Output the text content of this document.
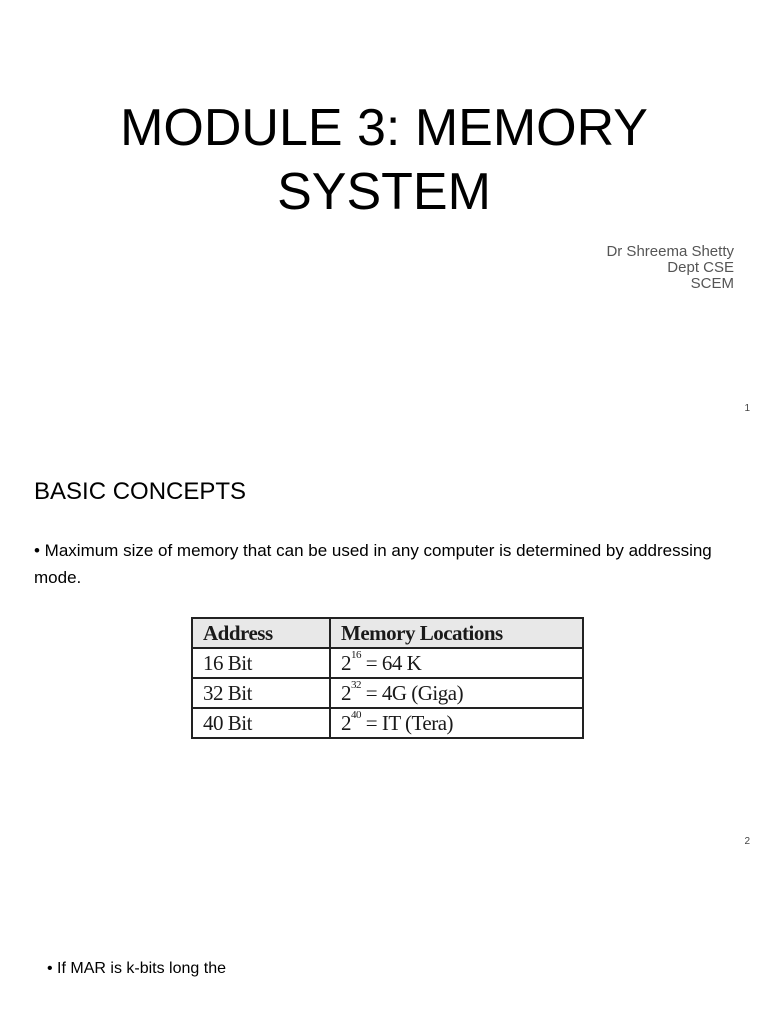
MODULE 3: MEMORY
SYSTEM
Dr Shreema Shetty
Dept CSE
SCEM
1
BASIC CONCEPTS

• Maximum size of memory that can be used in any computer is determined by addressing mode.

Address	Memory Locations
16 Bit	$2^{16} = 64$ K
32 Bit	$2^{32} = 4G$ (Giga)
40 Bit	$2^{40}$ = IT (Tera)
2

• If MAR is k-bits long the
